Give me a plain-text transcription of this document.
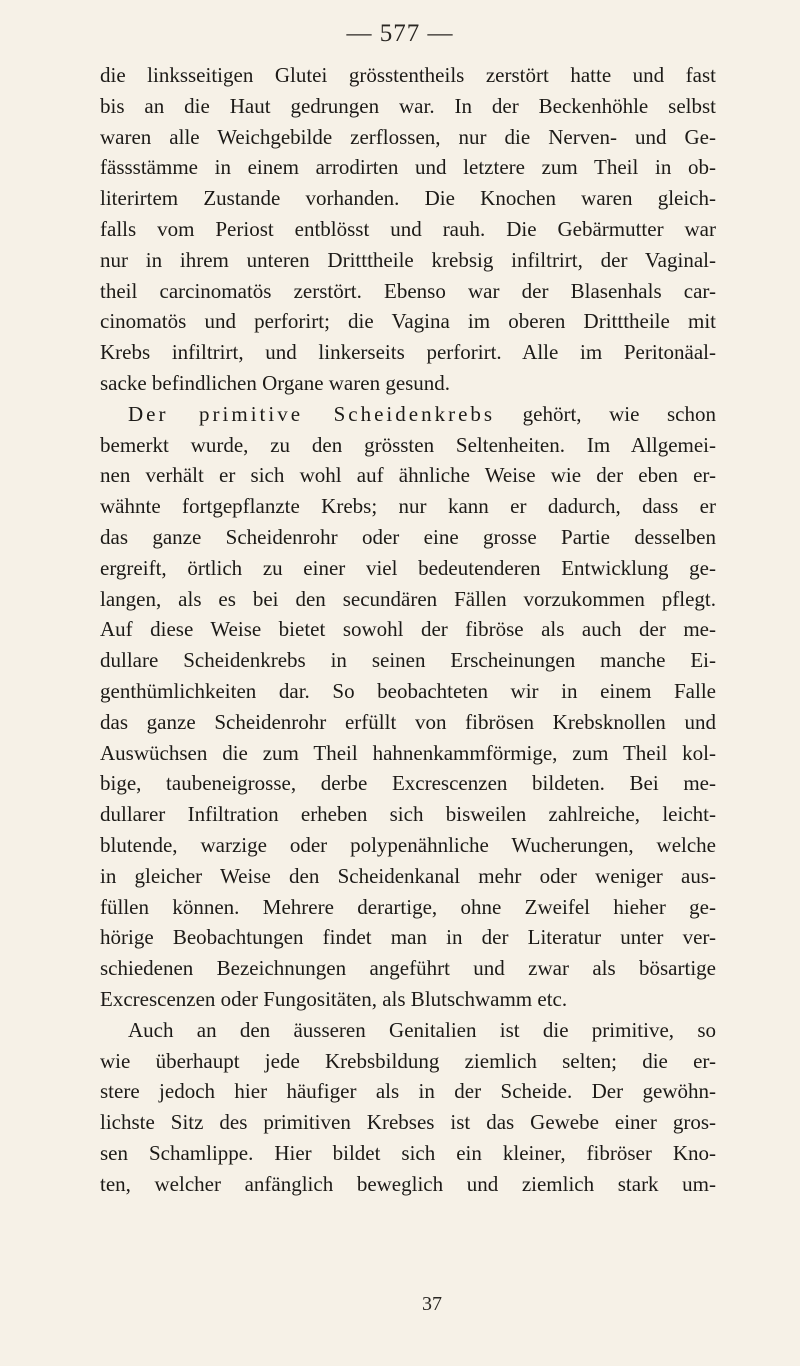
— 577 —
die linksseitigen Glutei grösstentheils zerstört hatte und fast
bis an die Haut gedrungen war. In der Beckenhöhle selbst
waren alle Weichgebilde zerflossen, nur die Nerven- und Ge-
fässstämme in einem arrodirten und letztere zum Theil in ob-
literirtem Zustande vorhanden. Die Knochen waren gleich-
falls vom Periost entblösst und rauh. Die Gebärmutter war
nur in ihrem unteren Dritttheile krebsig infiltrirt, der Vaginal-
theil carcinomatös zerstört. Ebenso war der Blasenhals car-
cinomatös und perforirt; die Vagina im oberen Dritttheile mit
Krebs infiltrirt, und linkerseits perforirt. Alle im Peritonäal-
sacke befindlichen Organe waren gesund.
Der primitive Scheidenkrebs gehört, wie schon
bemerkt wurde, zu den grössten Seltenheiten. Im Allgemei-
nen verhält er sich wohl auf ähnliche Weise wie der eben er-
wähnte fortgepflanzte Krebs; nur kann er dadurch, dass er
das ganze Scheidenrohr oder eine grosse Partie desselben
ergreift, örtlich zu einer viel bedeutenderen Entwicklung ge-
langen, als es bei den secundären Fällen vorzukommen pflegt.
Auf diese Weise bietet sowohl der fibröse als auch der me-
dullare Scheidenkrebs in seinen Erscheinungen manche Ei-
genthümlichkeiten dar. So beobachteten wir in einem Falle
das ganze Scheidenrohr erfüllt von fibrösen Krebsknollen und
Auswüchsen die zum Theil hahnenkammförmige, zum Theil kol-
bige, taubeneigrosse, derbe Excrescenzen bildeten. Bei me-
dullarer Infiltration erheben sich bisweilen zahlreiche, leicht-
blutende, warzige oder polypenähnliche Wucherungen, welche
in gleicher Weise den Scheidenkanal mehr oder weniger aus-
füllen können. Mehrere derartige, ohne Zweifel hieher ge-
hörige Beobachtungen findet man in der Literatur unter ver-
schiedenen Bezeichnungen angeführt und zwar als bösartige
Excrescenzen oder Fungositäten, als Blutschwamm etc.
Auch an den äusseren Genitalien ist die primitive, so
wie überhaupt jede Krebsbildung ziemlich selten; die er-
stere jedoch hier häufiger als in der Scheide. Der gewöhn-
lichste Sitz des primitiven Krebses ist das Gewebe einer gros-
sen Schamlippe. Hier bildet sich ein kleiner, fibröser Kno-
ten, welcher anfänglich beweglich und ziemlich stark um-
37
